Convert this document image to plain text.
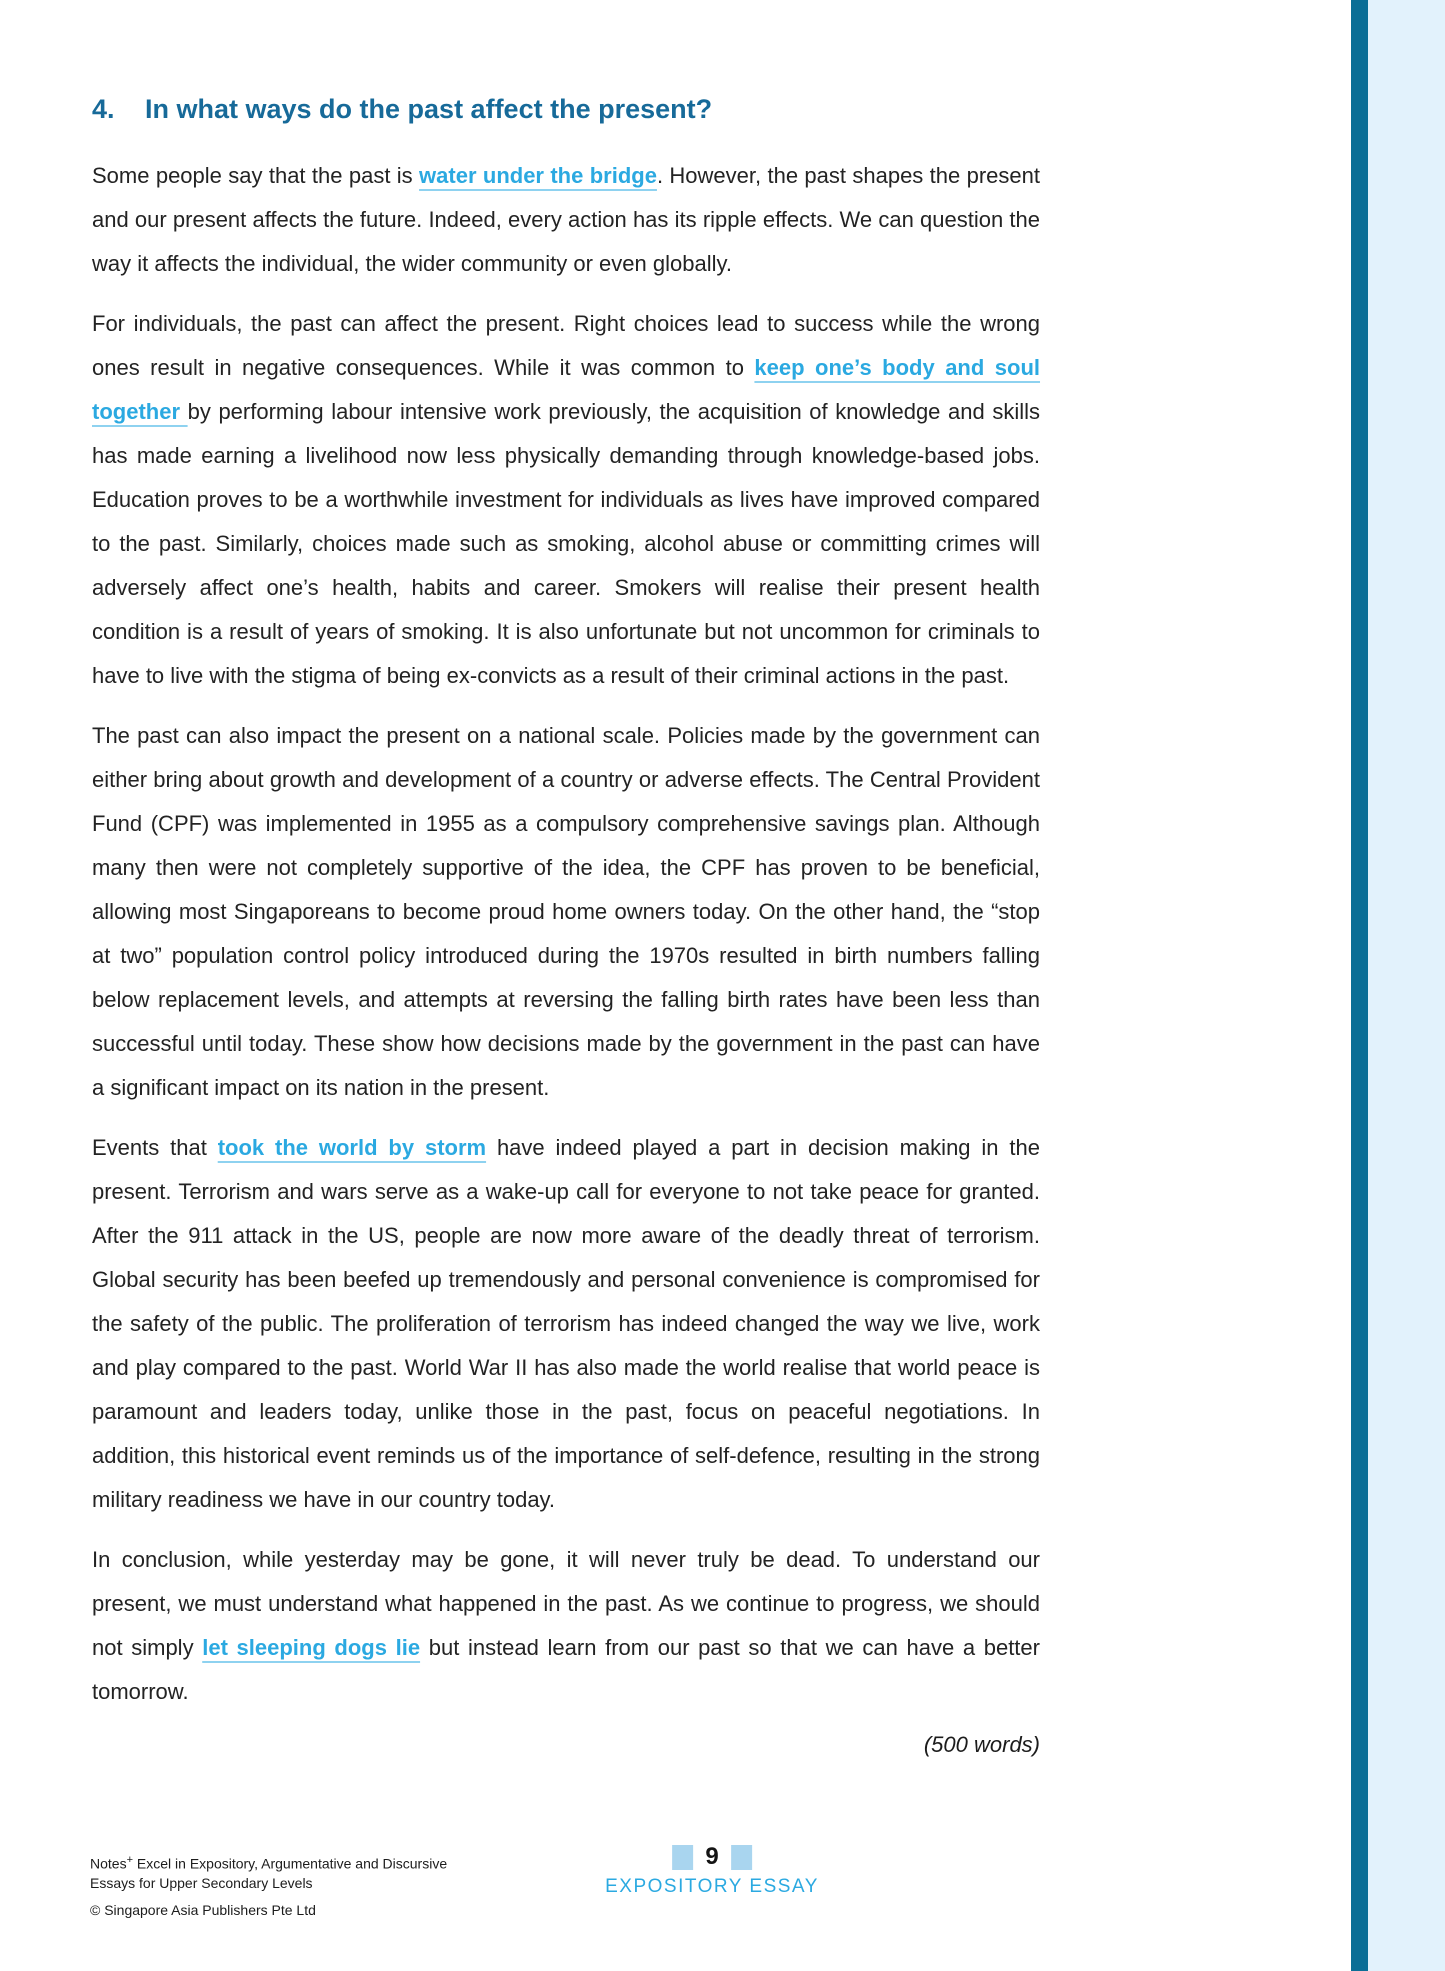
4.	In what ways do the past affect the present?

Some people say that the past is water under the bridge. However, the past shapes the present and our present affects the future. Indeed, every action has its ripple effects. We can question the way it affects the individual, the wider community or even globally.

For individuals, the past can affect the present. Right choices lead to success while the wrong ones result in negative consequences. While it was common to keep one’s body and soul together by performing labour intensive work previously, the acquisition of knowledge and skills has made earning a livelihood now less physically demanding through knowledge-based jobs. Education proves to be a worthwhile investment for individuals as lives have improved compared to the past. Similarly, choices made such as smoking, alcohol abuse or committing crimes will adversely affect one’s health, habits and career. Smokers will realise their present health condition is a result of years of smoking. It is also unfortunate but not uncommon for criminals to have to live with the stigma of being ex-convicts as a result of their criminal actions in the past.

The past can also impact the present on a national scale. Policies made by the government can either bring about growth and development of a country or adverse effects. The Central Provident Fund (CPF) was implemented in 1955 as a compulsory comprehensive savings plan. Although many then were not completely supportive of the idea, the CPF has proven to be beneficial, allowing most Singaporeans to become proud home owners today. On the other hand, the “stop at two” population control policy introduced during the 1970s resulted in birth numbers falling below replacement levels, and attempts at reversing the falling birth rates have been less than successful until today. These show how decisions made by the government in the past can have a significant impact on its nation in the present.

Events that took the world by storm have indeed played a part in decision making in the present. Terrorism and wars serve as a wake-up call for everyone to not take peace for granted. After the 911 attack in the US, people are now more aware of the deadly threat of terrorism. Global security has been beefed up tremendously and personal convenience is compromised for the safety of the public. The proliferation of terrorism has indeed changed the way we live, work and play compared to the past. World War II has also made the world realise that world peace is paramount and leaders today, unlike those in the past, focus on peaceful negotiations. In addition, this historical event reminds us of the importance of self-defence, resulting in the strong military readiness we have in our country today.

In conclusion, while yesterday may be gone, it will never truly be dead. To understand our present, we must understand what happened in the past. As we continue to progress, we should not simply let sleeping dogs lie but instead learn from our past so that we can have a better tomorrow.

(500 words)
Notes+ Excel in Expository, Argumentative and Discursive
Essays for Upper Secondary Levels
© Singapore Asia Publishers Pte Ltd
9
EXPOSITORY ESSAY
